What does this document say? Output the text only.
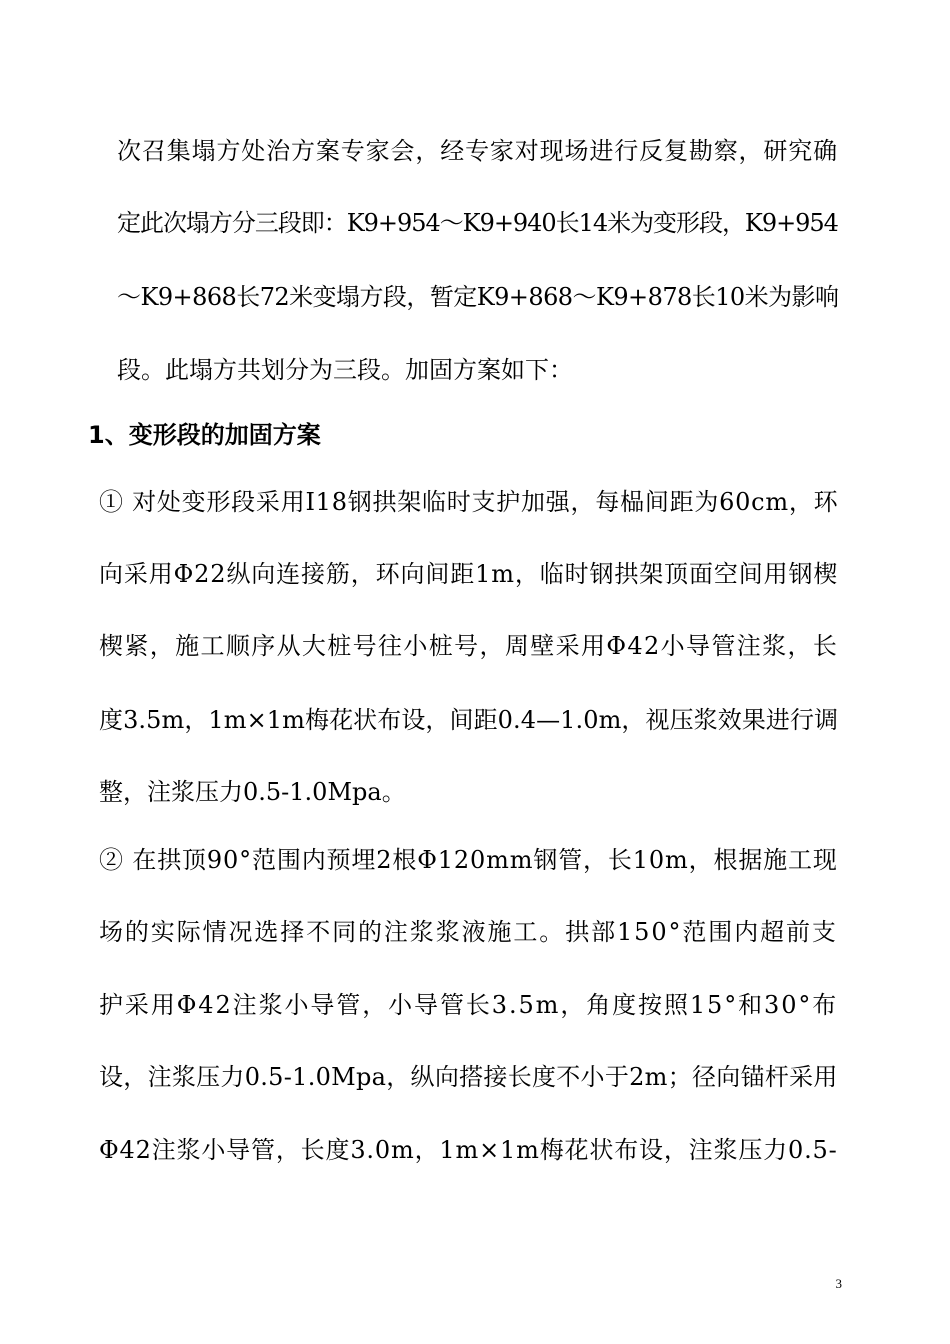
次召集塌方处治方案专家会，经专家对现场进行反复勘察，研究确
定此次塌方分三段即：K9+954～K9+940长14米为变形段，K9+954
～K9+868长72米变塌方段，暂定K9+868～K9+878长10米为影响
段。此塌方共划分为三段。加固方案如下：
1、变形段的加固方案
① 对处变形段采用I18钢拱架临时支护加强，每榀间距为60cm，环
向采用Φ22纵向连接筋，环向间距1m，临时钢拱架顶面空间用钢楔
楔紧，施工顺序从大桩号往小桩号，周壁采用Φ42小导管注浆，长
度3.5m，1m×1m梅花状布设，间距0.4—1.0m，视压浆效果进行调
整，注浆压力0.5-1.0Mpa。
② 在拱顶90°范围内预埋2根Φ120mm钢管，长10m，根据施工现
场的实际情况选择不同的注浆浆液施工。拱部150°范围内超前支
护采用Φ42注浆小导管，小导管长3.5m，角度按照15°和30°布
设，注浆压力0.5-1.0Mpa，纵向搭接长度不小于2m；径向锚杆采用
Φ42注浆小导管，长度3.0m，1m×1m梅花状布设，注浆压力0.5-
3
